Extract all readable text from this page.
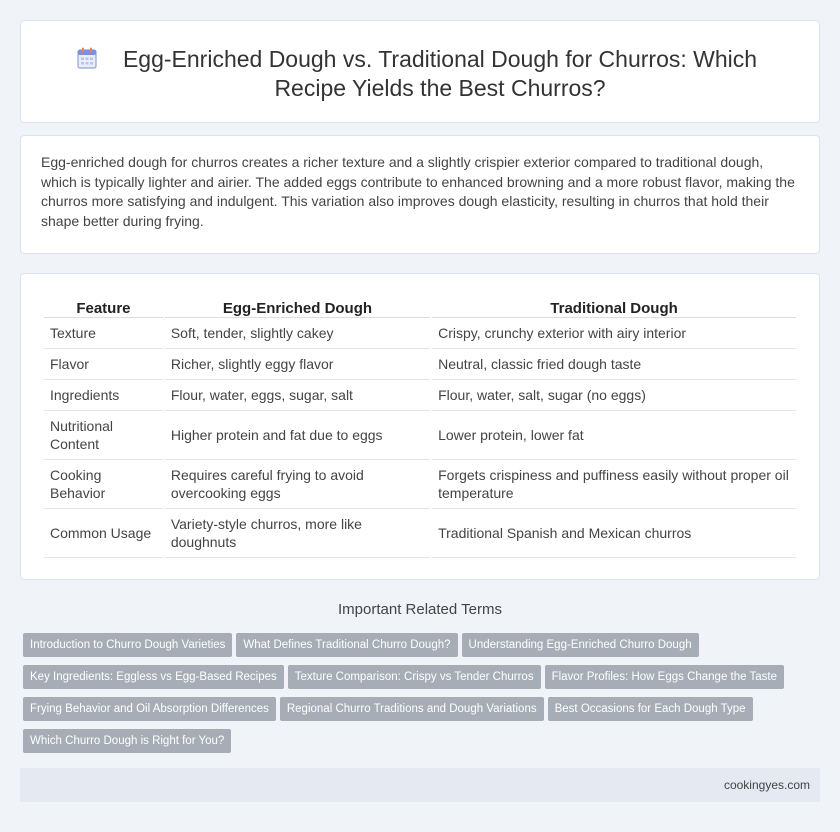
Egg-Enriched Dough vs. Traditional Dough for Churros: Which Recipe Yields the Best Churros?

Egg-enriched dough for churros creates a richer texture and a slightly crispier exterior compared to traditional dough, which is typically lighter and airier. The added eggs contribute to enhanced browning and a more robust flavor, making the churros more satisfying and indulgent. This variation also improves dough elasticity, resulting in churros that hold their shape better during frying.

Feature	Egg-Enriched Dough	Traditional Dough
Texture	Soft, tender, slightly cakey	Crispy, crunchy exterior with airy interior
Flavor	Richer, slightly eggy flavor	Neutral, classic fried dough taste
Ingredients	Flour, water, eggs, sugar, salt	Flour, water, salt, sugar (no eggs)
Nutritional Content	Higher protein and fat due to eggs	Lower protein, lower fat
Cooking Behavior	Requires careful frying to avoid overcooking eggs	Forgets crispiness and puffiness easily without proper oil temperature
Common Usage	Variety-style churros, more like doughnuts	Traditional Spanish and Mexican churros
Important Related Terms
Introduction to Churro Dough Varieties What Defines Traditional Churro Dough? Understanding Egg-Enriched Churro Dough
Key Ingredients: Eggless vs Egg-Based Recipes Texture Comparison: Crispy vs Tender Churros Flavor Profiles: How Eggs Change the Taste
Frying Behavior and Oil Absorption Differences Regional Churro Traditions and Dough Variations Best Occasions for Each Dough Type
Which Churro Dough is Right for You?
cookingyes.com
